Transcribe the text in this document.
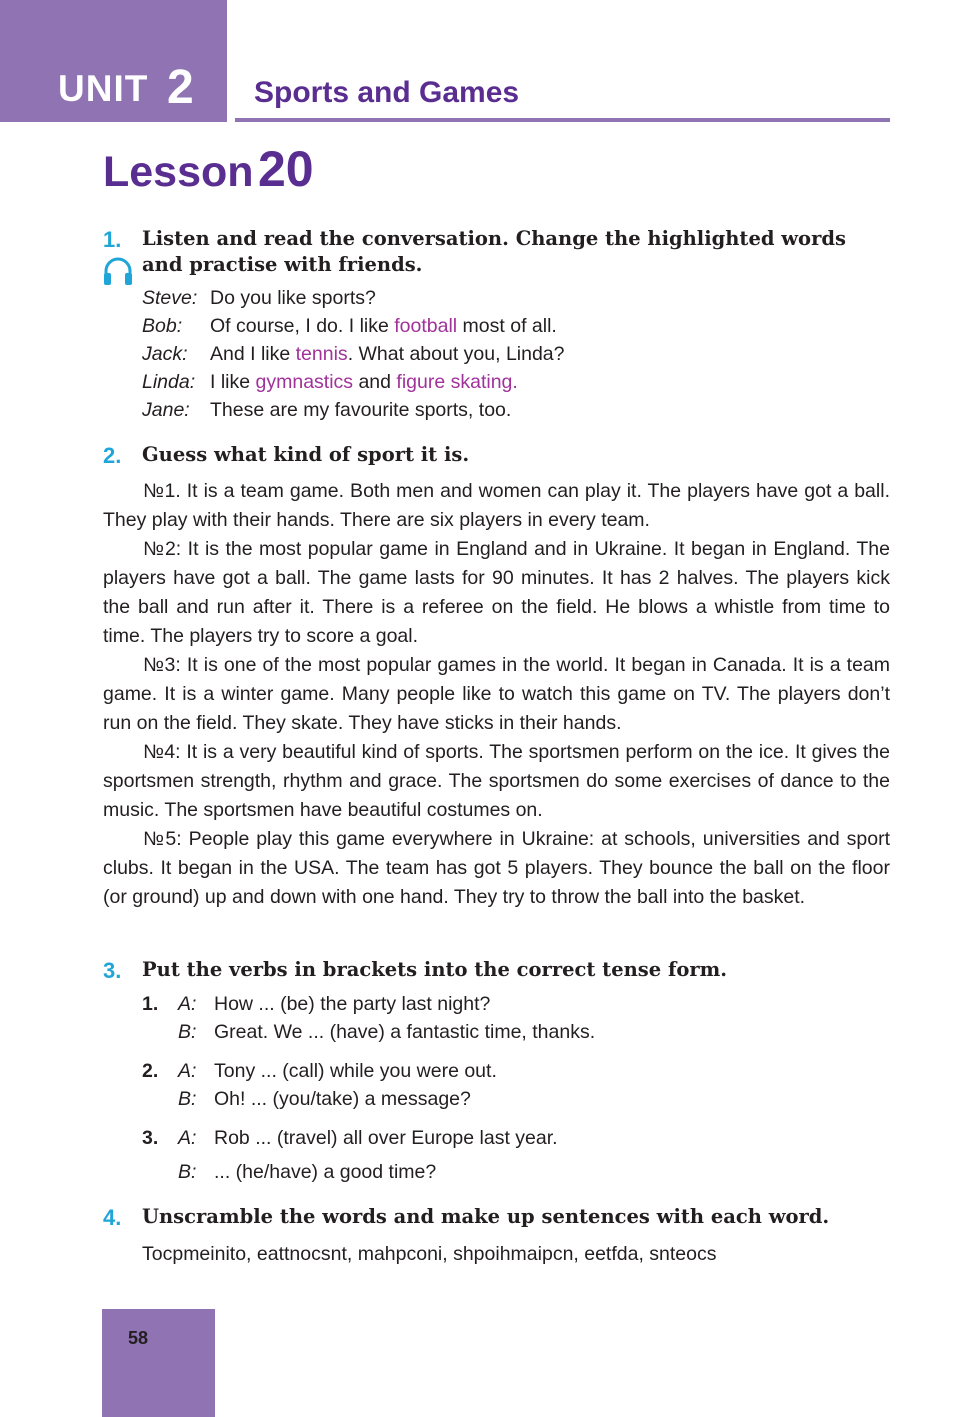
UNIT 2 Sports and Games
Lesson 20
1. Listen and read the conversation. Change the highlighted words and practise with friends.
Steve: Do you like sports?
Bob: Of course, I do. I like football most of all.
Jack: And I like tennis. What about you, Linda?
Linda: I like gymnastics and figure skating.
Jane: These are my favourite sports, too.
2. Guess what kind of sport it is.

№1. It is a team game. Both men and women can play it. The players have got a ball. They play with their hands. There are six players in every team.

№2: It is the most popular game in England and in Ukraine. It began in England. The players have got a ball. The game lasts for 90 minutes. It has 2 halves. The players kick the ball and run after it. There is a referee on the field. He blows a whistle from time to time. The players try to score a goal.

№3: It is one of the most popular games in the world. It began in Canada. It is a team game. It is a winter game. Many people like to watch this game on TV. The players don’t run on the field. They skate. They have sticks in their hands.

№4: It is a very beautiful kind of sports. The sportsmen perform on the ice. It gives the sportsmen strength, rhythm and grace. The sportsmen do some exercises of dance to the music. The sportsmen have beautiful costumes on.

№5: People play this game everywhere in Ukraine: at schools, universities and sport clubs. It began in the USA. The team has got 5 players. They bounce the ball on the floor (or ground) up and down with one hand. They try to throw the ball into the basket.

3. Put the verbs in brackets into the correct tense form.
1. A: How ... (be) the party last night?
B: Great. We ... (have) a fantastic time, thanks.
2. A: Tony ... (call) while you were out.
B: Oh! ... (you/take) a message?
3. A: Rob ... (travel) all over Europe last year.
B: ... (he/have) a good time?
4. Unscramble the words and make up sentences with each word.
Tocpmeinito, eattnocsnt, mahpconi, shpoihmaipcn, eetfda, snteocs
58
